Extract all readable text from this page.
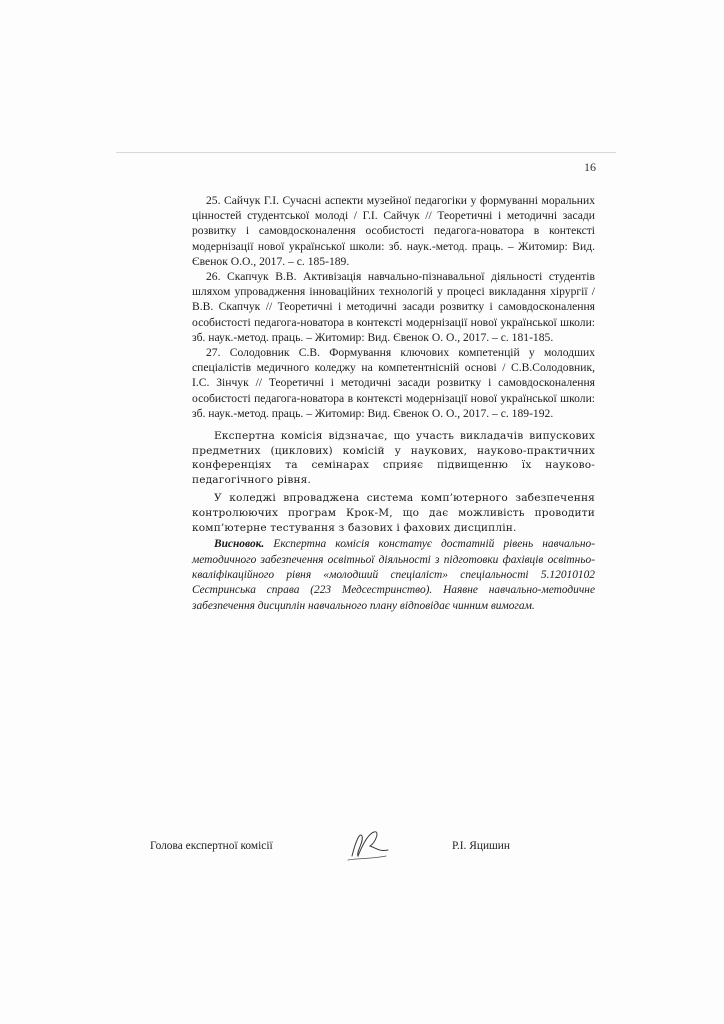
16

25. Сайчук Г.І. Сучасні аспекти музейної педагогіки у формуванні моральних цінностей студентської молоді / Г.І. Сайчук // Теоретичні і методичні засади розвитку і самовдосконалення особистості педагога-новатора в контексті модернізації нової української школи: зб. наук.-метод. праць. – Житомир: Вид. Євенок О.О., 2017. – с. 185-189.

26. Скапчук В.В. Активізація навчально-пізнавальної діяльності студентів шляхом упровадження інноваційних технологій у процесі викладання хірургії / В.В. Скапчук // Теоретичні і методичні засади розвитку і самовдосконалення особистості педагога-новатора в контексті модернізації нової української школи: зб. наук.-метод. праць. – Житомир: Вид. Євенок О. О., 2017. – с. 181-185.

27. Солодовник С.В. Формування ключових компетенцій у молодших спеціалістів медичного коледжу на компетентнісній основі / С.В.Солодовник, І.С. Зінчук // Теоретичні і методичні засади розвитку і самовдосконалення особистості педагога-новатора в контексті модернізації нової української школи: зб. наук.-метод. праць. – Житомир: Вид. Євенок О. О., 2017. – с. 189-192.

Експертна комісія відзначає, що участь викладачів випускових предметних (циклових) комісій у наукових, науково-практичних конференціях та семінарах сприяє підвищенню їх науково-педагогічного рівня.

У коледжі впроваджена система комп’ютерного забезпечення контролюючих програм Крок-М, що дає можливість проводити комп’ютерне тестування з базових і фахових дисциплін.

Висновок. Експертна комісія констатує достатній рівень навчально-методичного забезпечення освітньої діяльності з підготовки фахівців освітньо-кваліфікаційного рівня «молодший спеціаліст» спеціальності 5.12010102 Сестринська справа (223 Медсестринство). Наявне навчально-методичне забезпечення дисциплін навчального плану відповідає чинним вимогам.

Голова експертної комісії	Р.І. Яцишин
